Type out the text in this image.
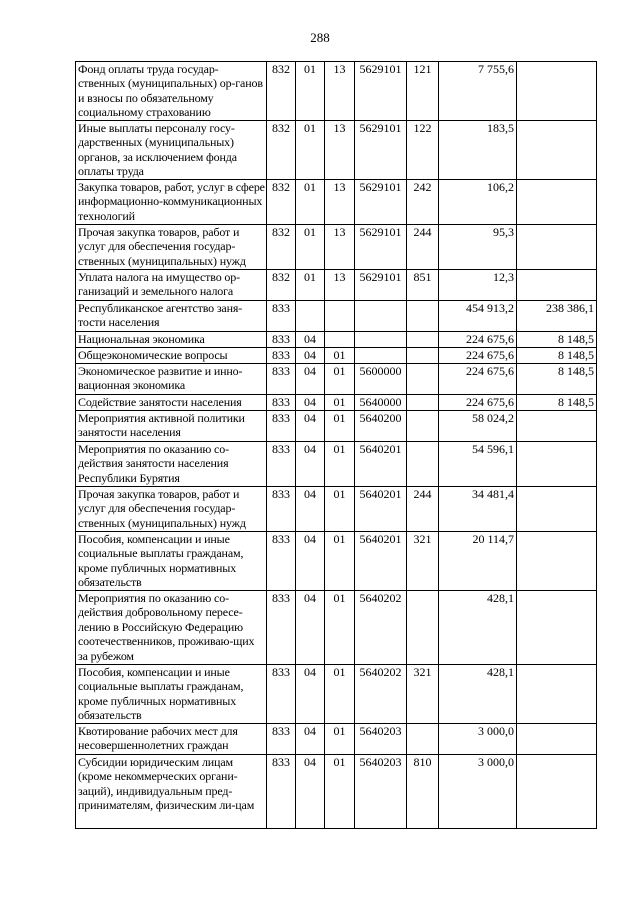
288
Фонд оплаты труда государ-ственных (муниципальных) ор-ганов и взносы по обязательному социальному страхованию	832	01	13	5629101	121	7 755,6	
Иные выплаты персоналу госу-дарственных (муниципальных) органов, за исключением фонда оплаты труда	832	01	13	5629101	122	183,5	
Закупка товаров, работ, услуг в сфере информационно-коммуникационных технологий	832	01	13	5629101	242	106,2	
Прочая закупка товаров, работ и услуг для обеспечения государ-ственных (муниципальных) нужд	832	01	13	5629101	244	95,3	
Уплата налога на имущество ор-ганизаций и земельного налога	832	01	13	5629101	851	12,3	
Республиканское агентство заня-тости населения	833					454 913,2	238 386,1
Национальная экономика	833	04				224 675,6	8 148,5
Общеэкономические вопросы	833	04	01			224 675,6	8 148,5
Экономическое развитие и инно-вационная экономика	833	04	01	5600000		224 675,6	8 148,5
Содействие занятости населения	833	04	01	5640000		224 675,6	8 148,5
Мероприятия активной политики занятости населения	833	04	01	5640200		58 024,2	
Мероприятия по оказанию со-действия занятости населения Республики Бурятия	833	04	01	5640201		54 596,1	
Прочая закупка товаров, работ и услуг для обеспечения государ-ственных (муниципальных) нужд	833	04	01	5640201	244	34 481,4	
Пособия, компенсации и иные социальные выплаты гражданам, кроме публичных нормативных обязательств	833	04	01	5640201	321	20 114,7	
Мероприятия по оказанию со-действия добровольному пересе-лению в Российскую Федерацию соотечественников, проживаю-щих за рубежом	833	04	01	5640202		428,1	
Пособия, компенсации и иные социальные выплаты гражданам, кроме публичных нормативных обязательств	833	04	01	5640202	321	428,1	
Квотирование рабочих мест для несовершеннолетних граждан	833	04	01	5640203		3 000,0	
Субсидии юридическим лицам (кроме некоммерческих органи-заций), индивидуальным пред-принимателям, физическим ли-цам	833	04	01	5640203	810	3 000,0	
